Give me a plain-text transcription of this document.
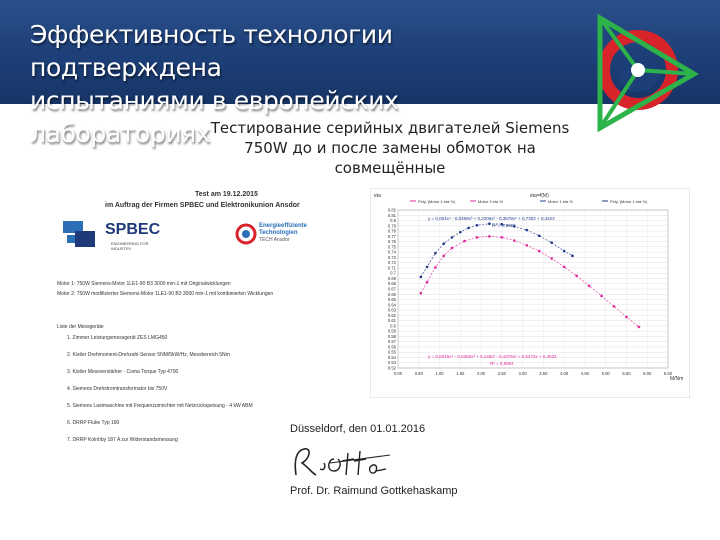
Эффективность технологии подтверждена
испытаниями в европейских лабораториях Тестирование серийных двигателей Siemens
750W до и после замены обмоток на
совмещённые
Test am 19.12.2015
im Auftrag der Firmen SPBEC und Elektronikunion Ansdor
SPBEC
ENGINEERING FOR INDUSTRY
Energieeffiziente
Technologien
TECH Ansdor
Motor 1: 750W Siemens-Motor 1LE1-90 B3 3000 min-1 mit Originalwicklungen
Motor 2: 750W modifizierter Siemens-Motor 1LE1-90 B3 3000 min-1 mit kombinierten Wicklungen
Liste der Messgeräte
1. Zimmer Leistungsmessgerät ZES LMG450
2. Kistler Drehmoment-Drehzahl-Sensor 5NM/5kW/Hz, Messbereich 5Nm
3. Kistler Messverstärker - Coma Torque Typ 4700
4. Siemens Drehstromtransformator bis 750V
5. Siemens Lastmaschine mit Frequenzumrichter mit Netzrückspeisung - 4 kW ABM
6. DRRP Fluke Typ 190
7. DRRP Kolnhby 187 A zur Widerstandsmessung
eta	eta=f(M)
M/Nm
Poly. (Motor 2 eta %)	Motor 2 eta %	Motor 1 eta %	Poly. (Motor 1 eta %)
0.82
0.81
0.8
0.79
0.78
0.77
0.76
0.75
0.74
0.73
0.72
0.71
0.7
0.69
0.68
0.67
0.66
0.65
0.64
0.63
0.62
0.61
0.6
0.59
0.58
0.57
0.56
0.55
0.54
0.53
0.52
0.00	0.50	1.00	1.50	2.00	2.50	3.00	3.50	4.00	4.50	5.00	5.50	6.00	6.50
y = 0,004x⁴ - 0,0469x³ + 0,2206x² - 0,3578x⁵ + 0,7302 + 0,4223
R² = 0,9902
y = 0,0016x⁴ - 0,0256x³ + 0,148x² - 0,4376x² + 0,5472x + 0,4633
R² = 0,9994
Düsseldorf, den 01.01.2016
Prof. Dr. Raimund Gottkehaskamp
